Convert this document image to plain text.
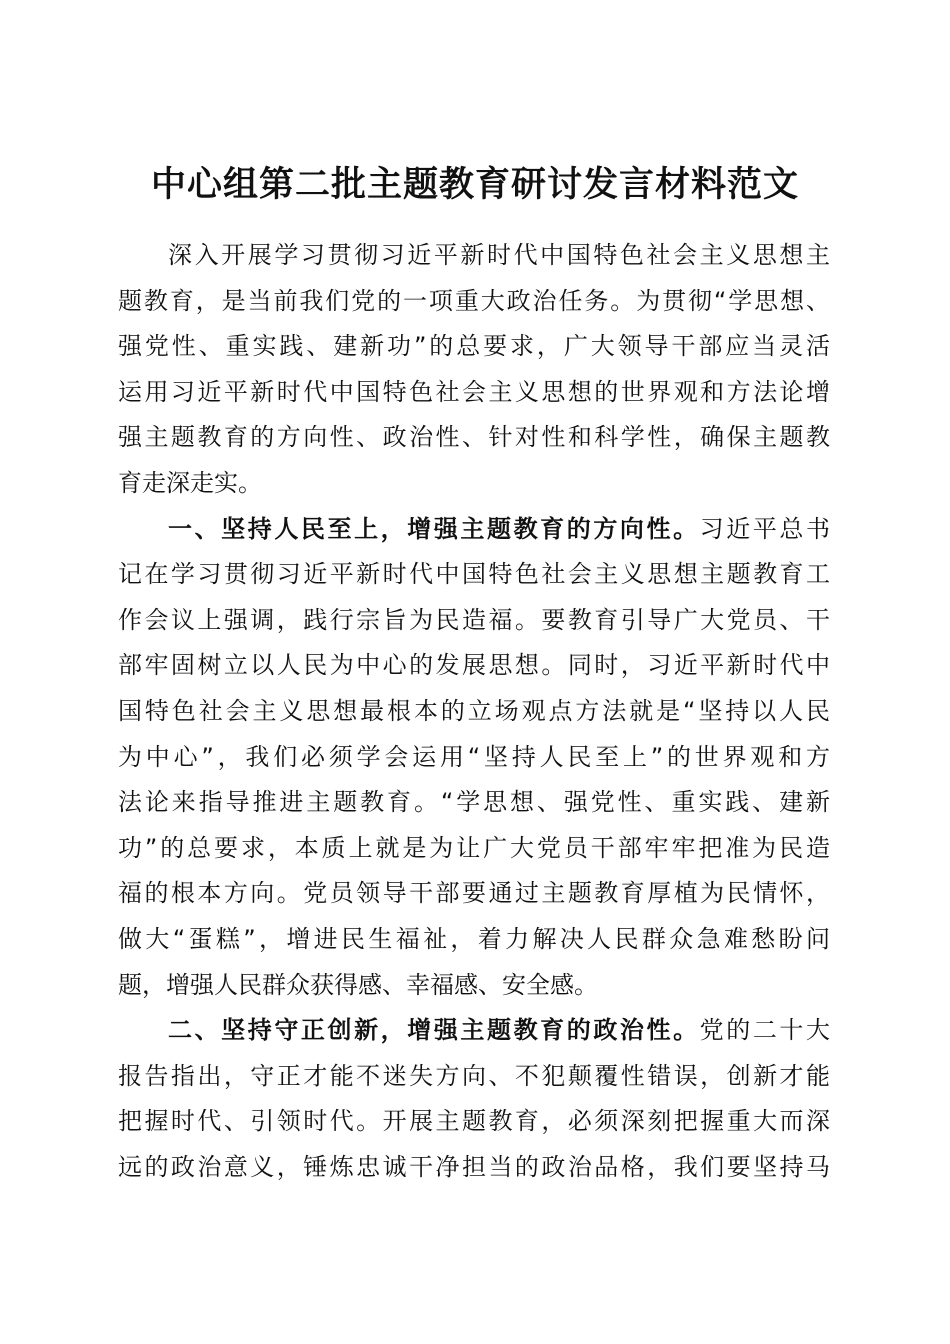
中心组第二批主题教育研讨发言材料范文
深入开展学习贯彻习近平新时代中国特色社会主义思想主
题教育，是当前我们党的一项重大政治任务。为贯彻“学思想、
强党性、重实践、建新功”的总要求，广大领导干部应当灵活
运用习近平新时代中国特色社会主义思想的世界观和方法论增
强主题教育的方向性、政治性、针对性和科学性，确保主题教
育走深走实。
一、坚持人民至上，增强主题教育的方向性。习近平总书
记在学习贯彻习近平新时代中国特色社会主义思想主题教育工
作会议上强调，践行宗旨为民造福。要教育引导广大党员、干
部牢固树立以人民为中心的发展思想。同时，习近平新时代中
国特色社会主义思想最根本的立场观点方法就是“坚持以人民
为中心”，我们必须学会运用“坚持人民至上”的世界观和方
法论来指导推进主题教育。“学思想、强党性、重实践、建新
功”的总要求，本质上就是为让广大党员干部牢牢把准为民造
福的根本方向。党员领导干部要通过主题教育厚植为民情怀，
做大“蛋糕”，增进民生福祉，着力解决人民群众急难愁盼问
题，增强人民群众获得感、幸福感、安全感。
二、坚持守正创新，增强主题教育的政治性。党的二十大
报告指出，守正才能不迷失方向、不犯颠覆性错误，创新才能
把握时代、引领时代。开展主题教育，必须深刻把握重大而深
远的政治意义，锤炼忠诚干净担当的政治品格，我们要坚持马
